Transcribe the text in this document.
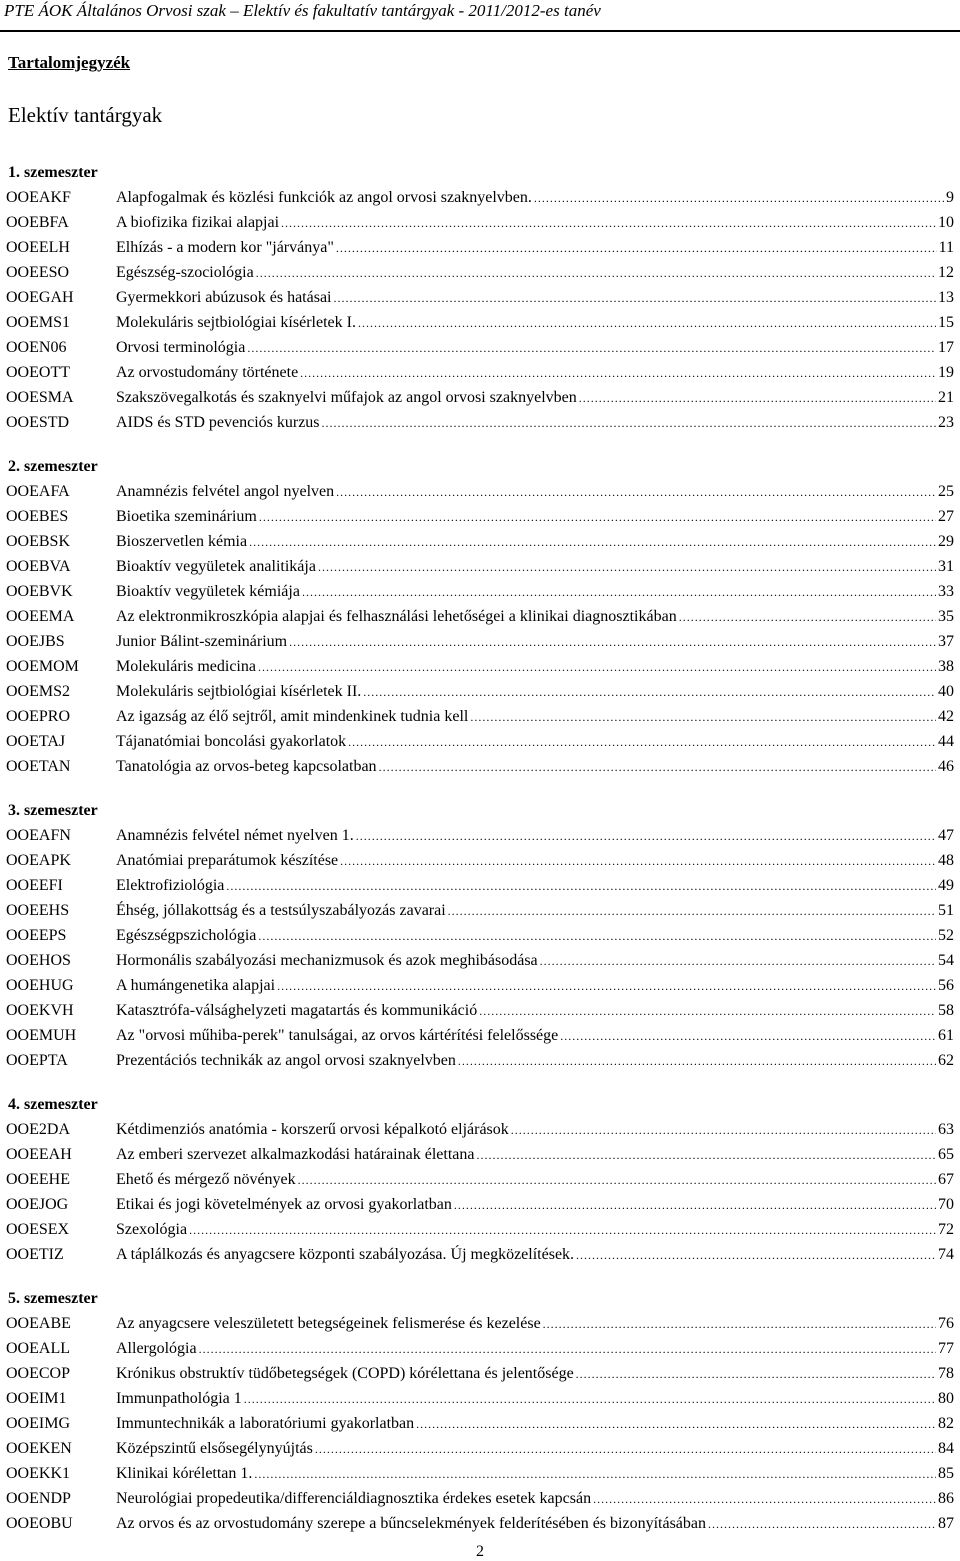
PTE ÁOK Általános Orvosi szak – Elektív és fakultatív tantárgyak - 2011/2012-es tanév
Tartalomjegyzék
Elektív tantárgyak
1. szemeszter
OOEAKF	Alapfogalmak és közlési funkciók az angol orvosi szaknyelvben. .....	9
OOEBFA	A biofizika fizikai alapjai .....	10
OOEELH	Elhízás - a modern kor "járványa" .....	11
OOEESO	Egészség-szociológia .....	12
OOEGAH	Gyermekkori abúzusok és hatásai .....	13
OOEMS1	Molekuláris sejtbiológiai kísérletek I. .....	15
OOEN06	Orvosi terminológia .....	17
OOEOTT	Az orvostudomány története .....	19
OOESMA	Szakszövegalkotás és szaknyelvi műfajok az angol orvosi szaknyelvben .....	21
OOESTD	AIDS és STD pevenciós kurzus .....	23
2. szemeszter
OOEAFA	Anamnézis felvétel angol nyelven .....	25
OOEBES	Bioetika szeminárium .....	27
OOEBSK	Bioszervetlen kémia .....	29
OOEBVA	Bioaktív vegyületek analitikája .....	31
OOEBVK	Bioaktív vegyületek kémiája .....	33
OOEEMA	Az elektronmikroszkópia alapjai és felhasználási lehetőségei a klinikai diagnosztikában .....	35
OOEJBS	Junior Bálint-szeminárium .....	37
OOEMOM Molekuláris medicina .....	38
OOEMS2	Molekuláris sejtbiológiai kísérletek II. .....	40
OOEPRO	Az igazság az élő sejtről, amit mindenkinek tudnia kell .....	42
OOETAJ	Tájanatómiai boncolási gyakorlatok .....	44
OOETAN	Tanatológia az orvos-beteg kapcsolatban .....	46
3. szemeszter
OOEAFN	Anamnézis felvétel német nyelven 1. .....	47
OOEAPK	Anatómiai preparátumok készítése .....	48
OOEEFI	Elektrofiziológia .....	49
OOEEHS	Éhség, jóllakottság és a testsúlyszabályozás zavarai .....	51
OOEEPS	Egészségpszichológia .....	52
OOEHOS	Hormonális szabályozási mechanizmusok és azok meghibásodása .....	54
OOEHUG	A humángenetika alapjai .....	56
OOEKVH	Katasztrófa-válsághelyzeti magatartás és kommunikáció .....	58
OOEMUH Az "orvosi műhiba-perek" tanulságai, az orvos kártérítési felelőssége .....	61
OOEPTA	Prezentációs technikák az angol orvosi szaknyelvben .....	62
4. szemeszter
OOE2DA	Kétdimenziós anatómia - korszerű orvosi képalkotó eljárások .....	63
OOEEAH	Az emberi szervezet alkalmazkodási határainak élettana .....	65
OOEEHE	Ehető és mérgező növények .....	67
OOEJOG	Etikai és jogi követelmények az orvosi gyakorlatban .....	70
OOESEX	Szexológia .....	72
OOETIZ	A táplálkozás és anyagcsere központi szabályozása. Új megközelítések. .....	74
5. szemeszter
OOEABE	Az anyagcsere veleszületett betegségeinek felismerése és kezelése .....	76
OOEALL	Allergológia .....	77
OOECOP	Krónikus obstruktív tüdőbetegségek (COPD) kórélettana és jelentősége .....	78
OOEIM1	Immunpathológia 1 .....	80
OOEIMG	Immuntechnikák a laboratóriumi gyakorlatban .....	82
OOEKEN	Középszintű elsősegélynyújtás .....	84
OOEKK1	Klinikai kórélettan 1. .....	85
OOENDP	Neurológiai propedeutika/differenciáldiagnosztika érdekes esetek kapcsán .....	86
OOEOBU	Az orvos és az orvostudomány szerepe a bűncselekmények felderítésében és bizonyításában .....	87
2
